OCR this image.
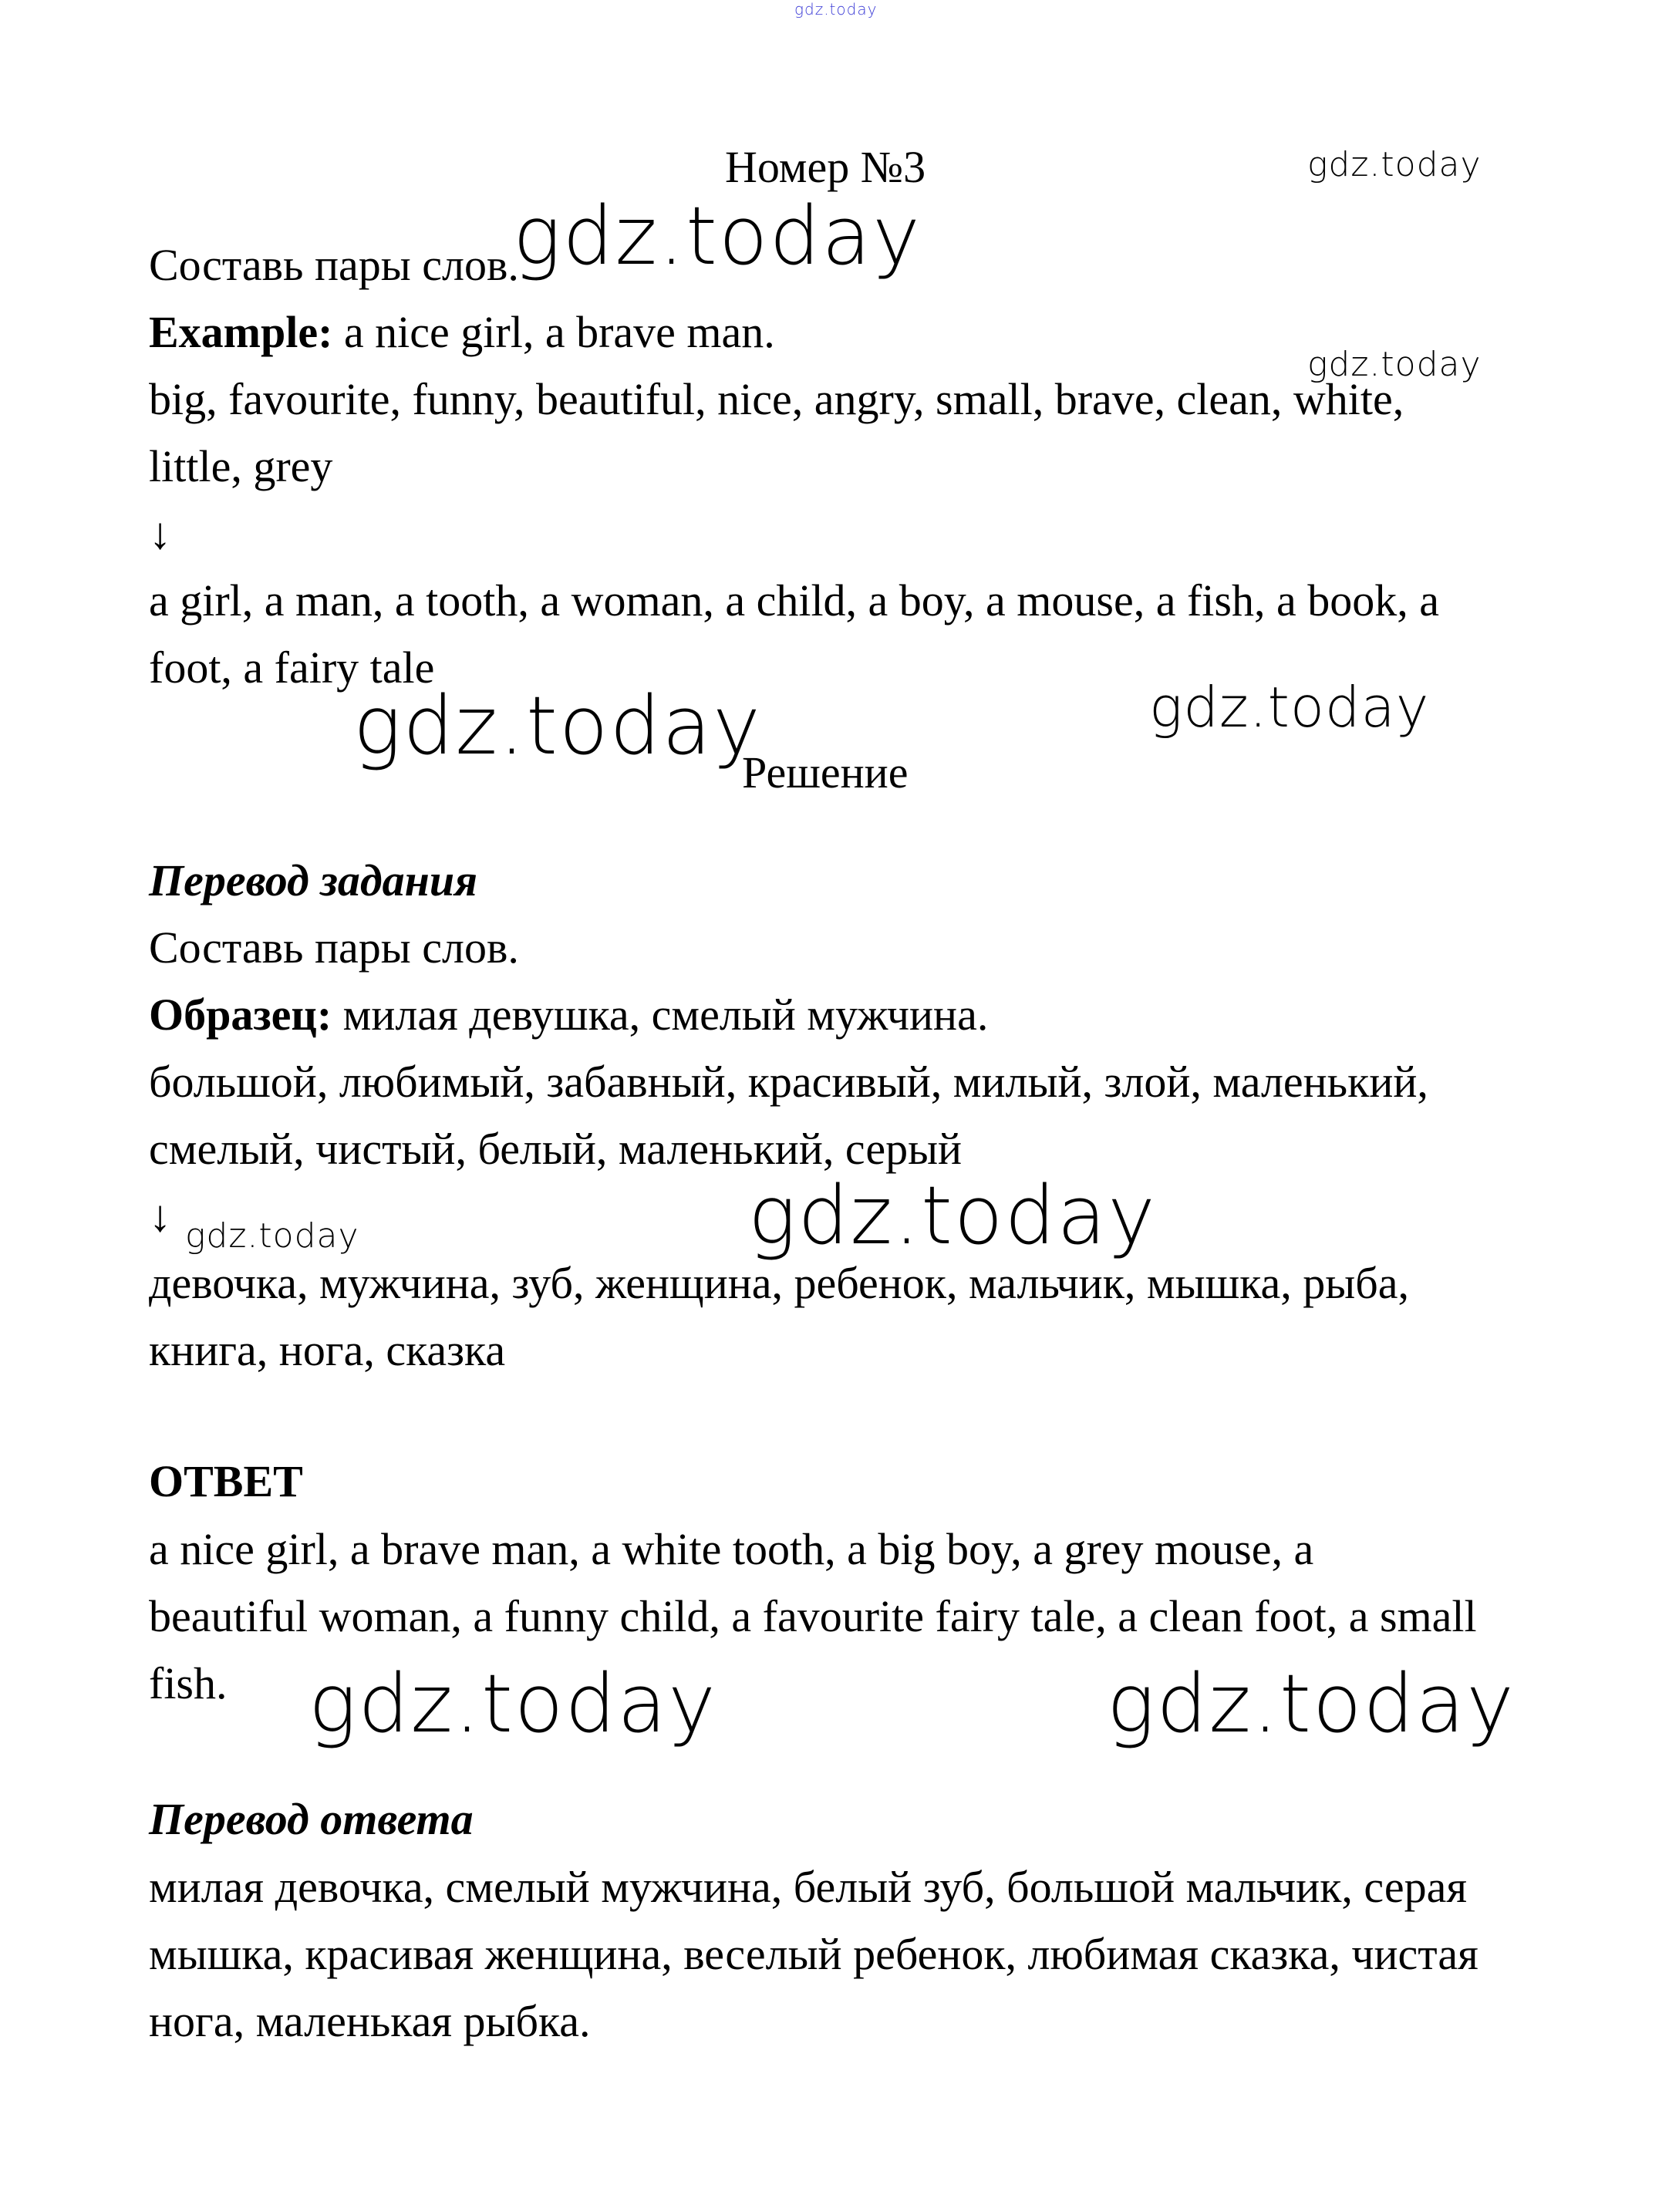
gdz.today
gdz.today
gdz.today
gdz.today
gdz.today	gdz.today
gdz.today
gdz.today
gdz.today	gdz.today
Номер №3
Составь пары слов.
Example: a nice girl, a brave man.
big, favourite, funny, beautiful, nice, angry, small, brave, clean, white,
little, grey
↓
a girl, a man, a tooth, a woman, a child, a boy, a mouse, a fish, a book, a
foot, a fairy tale
Решение
Перевод задания
Составь пары слов.
Образец: милая девушка, смелый мужчина.
большой, любимый, забавный, красивый, милый, злой, маленький,
смелый, чистый, белый, маленький, серый
↓
девочка, мужчина, зуб, женщина, ребенок, мальчик, мышка, рыба,
книга, нога, сказка
ОТВЕТ
a nice girl, a brave man, a white tooth, a big boy, a grey mouse, a
beautiful woman, a funny child, a favourite fairy tale, a clean foot, a small
fish.
Перевод ответа
милая девочка, смелый мужчина, белый зуб, большой мальчик, серая
мышка, красивая женщина, веселый ребенок, любимая сказка, чистая
нога, маленькая рыбка.
